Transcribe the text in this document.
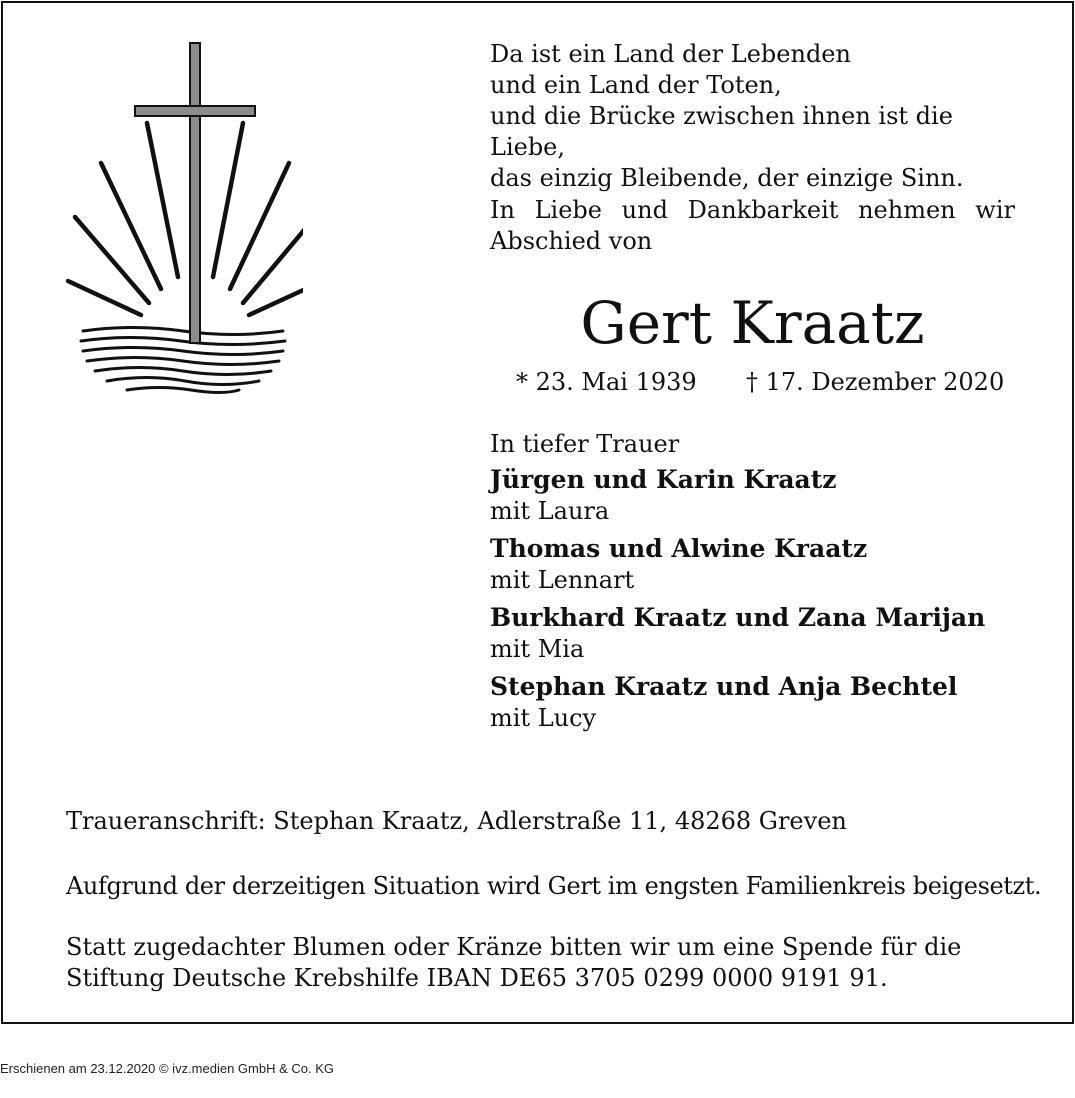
Da ist ein Land der Lebenden
und ein Land der Toten,
und die Brücke zwischen ihnen ist die Liebe,
das einzig Bleibende, der einzige Sinn.
In Liebe und Dankbarkeit nehmen wir Abschied von
Gert Kraatz
* 23. Mai 1939 † 17. Dezember 2020
In tiefer Trauer
Jürgen und Karin Kraatz
mit Laura
Thomas und Alwine Kraatz
mit Lennart
Burkhard Kraatz und Zana Marijan
mit Mia
Stephan Kraatz und Anja Bechtel
mit Lucy
Traueranschrift: Stephan Kraatz, Adlerstraße 11, 48268 Greven
Aufgrund der derzeitigen Situation wird Gert im engsten Familienkreis beigesetzt.
Statt zugedachter Blumen oder Kränze bitten wir um eine Spende für die Stiftung Deutsche Krebshilfe IBAN DE65 3705 0299 0000 9191 91.
Erschienen am 23.12.2020 © ivz.medien GmbH & Co. KG
